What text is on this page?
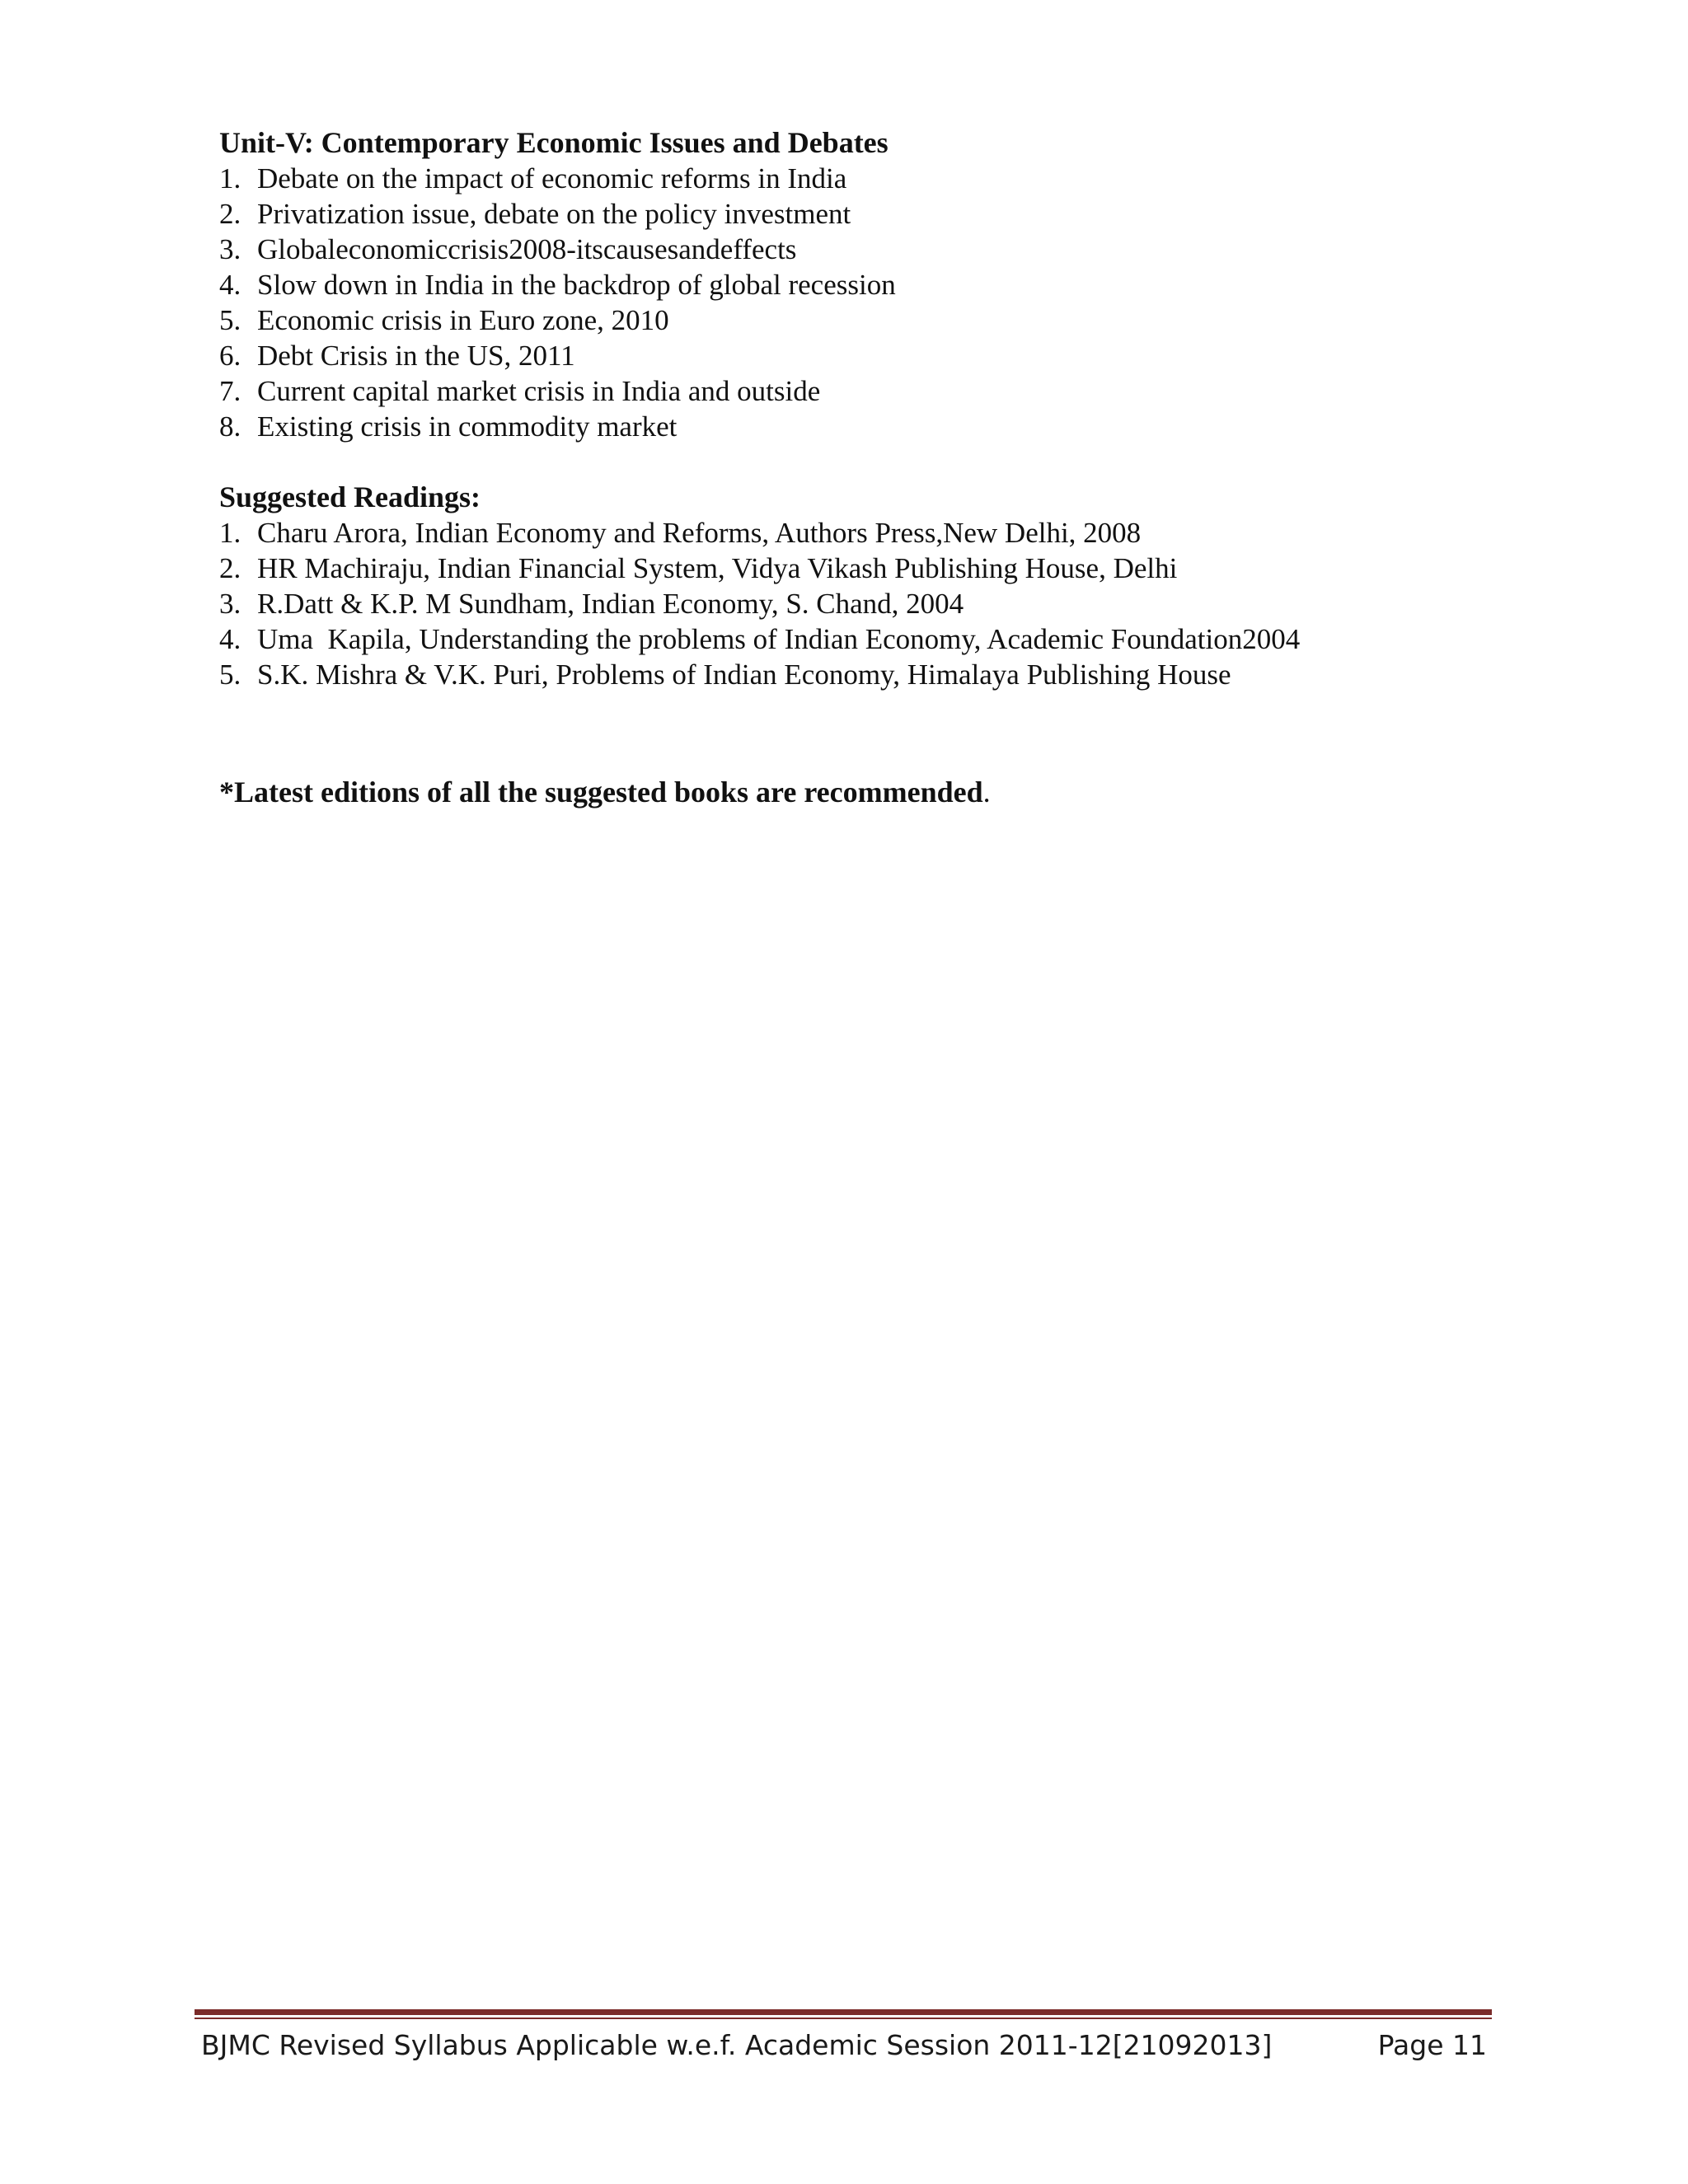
Unit-V: Contemporary Economic Issues and Debates

1. Debate on the impact of economic reforms in India
2. Privatization issue, debate on the policy investment
3. Globaleconomiccrisis2008-itscausesandeffects
4. Slow down in India in the backdrop of global recession
5. Economic crisis in Euro zone, 2010
6. Debt Crisis in the US, 2011
7. Current capital market crisis in India and outside
8. Existing crisis in commodity market

Suggested Readings:

1. Charu Arora, Indian Economy and Reforms, Authors Press,New Delhi, 2008
2. HR Machiraju, Indian Financial System, Vidya Vikash Publishing House, Delhi
3. R.Datt & K.P. M Sundham, Indian Economy, S. Chand, 2004
4. Uma  Kapila, Understanding the problems of Indian Economy, Academic Foundation2004
5. S.K. Mishra & V.K. Puri, Problems of Indian Economy, Himalaya Publishing House

*Latest editions of all the suggested books are recommended.

BJMC Revised Syllabus Applicable w.e.f. Academic Session 2011-12[21092013]	Page 11
